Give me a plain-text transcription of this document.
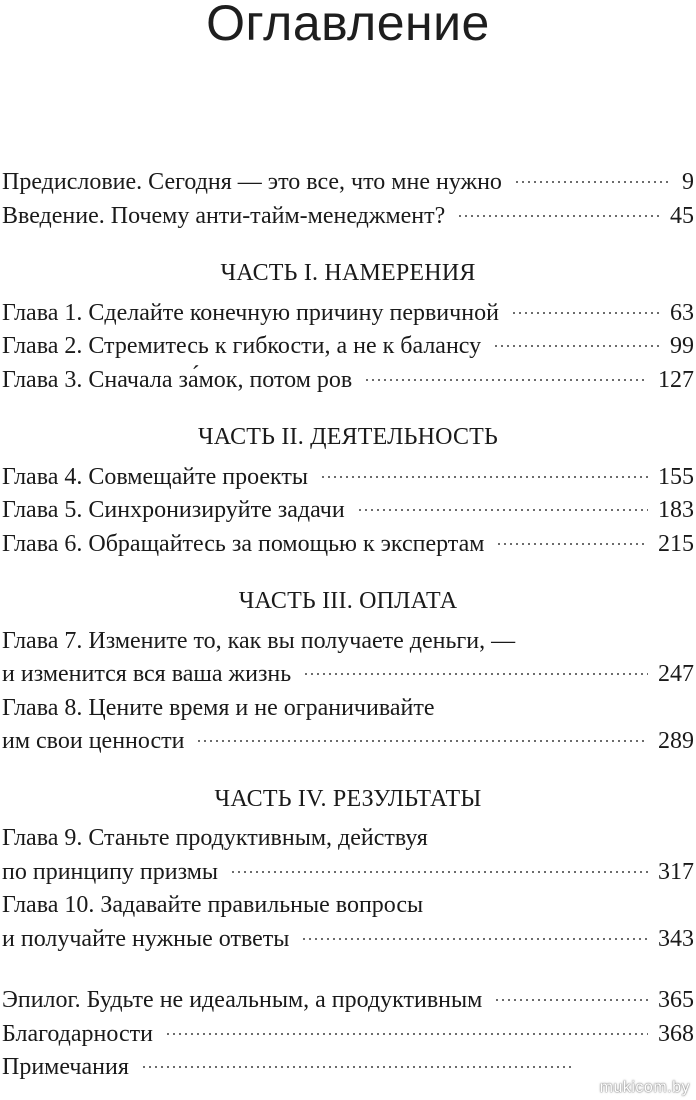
Оглавление
Предисловие. Сегодня — это все, что мне нужно	9
Введение. Почему анти-тайм-менеджмент?	45
ЧАСТЬ I. НАМЕРЕНИЯ
Глава 1. Сделайте конечную причину первичной	63
Глава 2. Стремитесь к гибкости, а не к балансу	99
Глава 3. Сначала за́мок, потом ров	127
ЧАСТЬ II. ДЕЯТЕЛЬНОСТЬ
Глава 4. Совмещайте проекты	155
Глава 5. Синхронизируйте задачи	183
Глава 6. Обращайтесь за помощью к экспертам	215
ЧАСТЬ III. ОПЛАТА
Глава 7. Измените то, как вы получаете деньги, —
и изменится вся ваша жизнь	247
Глава 8. Цените время и не ограничивайте
им свои ценности	289
ЧАСТЬ IV. РЕЗУЛЬТАТЫ
Глава 9. Станьте продуктивным, действуя
по принципу призмы	317
Глава 10. Задавайте правильные вопросы
и получайте нужные ответы	343
Эпилог. Будьте не идеальным, а продуктивным	365
Благодарности	368
Примечания
mukicom.by
